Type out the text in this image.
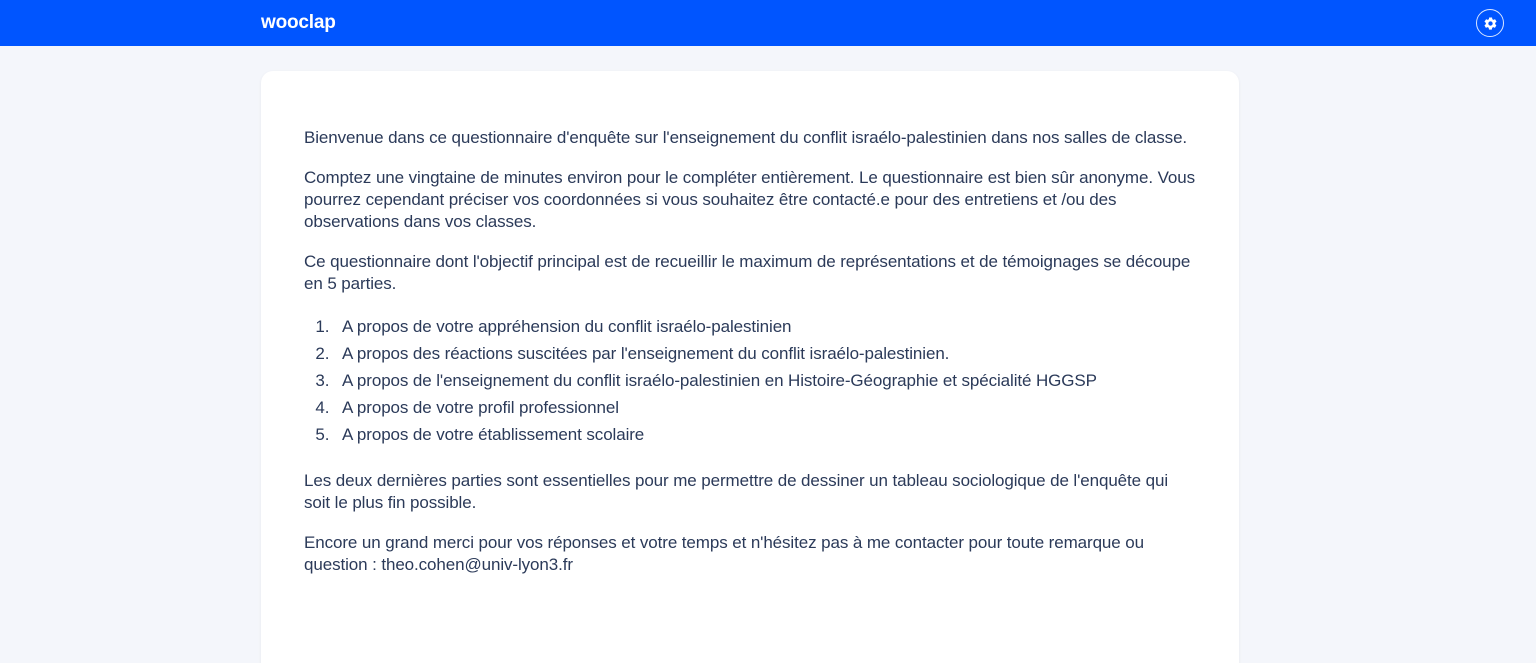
wooclap

Bienvenue dans ce questionnaire d'enquête sur l'enseignement du conflit israélo-palestinien dans nos salles de classe.

Comptez une vingtaine de minutes environ pour le compléter entièrement. Le questionnaire est bien sûr anonyme. Vous pourrez cependant préciser vos coordonnées si vous souhaitez être contacté.e pour des entretiens et /ou des observations dans vos classes.

Ce questionnaire dont l'objectif principal est de recueillir le maximum de représentations et de témoignages se découpe en 5 parties.

1. A propos de votre appréhension du conflit israélo-palestinien
2. A propos des réactions suscitées par l'enseignement du conflit israélo-palestinien.
3. A propos de l'enseignement du conflit israélo-palestinien en Histoire-Géographie et spécialité HGGSP
4. A propos de votre profil professionnel
5. A propos de votre établissement scolaire

Les deux dernières parties sont essentielles pour me permettre de dessiner un tableau sociologique de l'enquête qui soit le plus fin possible.

Encore un grand merci pour vos réponses et votre temps et n'hésitez pas à me contacter pour toute remarque ou question : theo.cohen@univ-lyon3.fr
